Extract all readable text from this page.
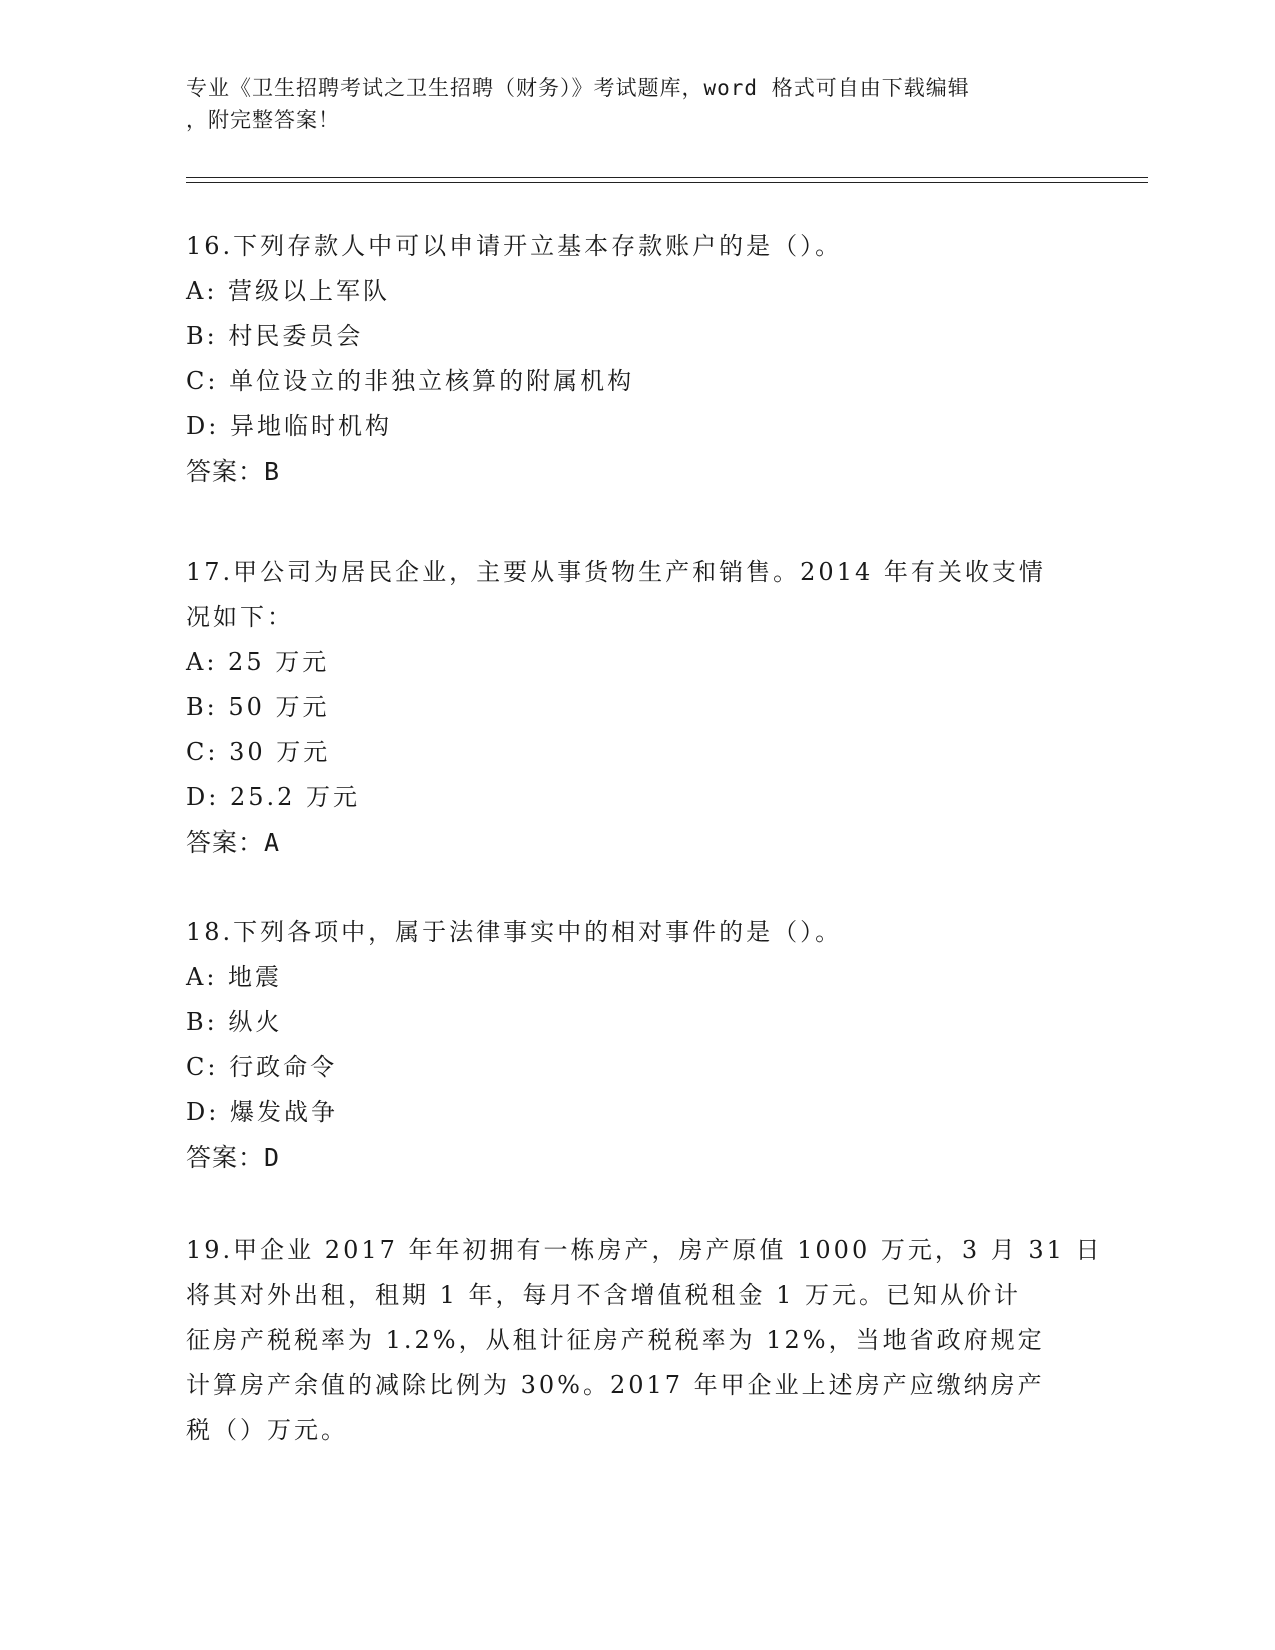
专业《卫生招聘考试之卫生招聘（财务）》考试题库，word 格式可自由下载编辑
，附完整答案！
16.下列存款人中可以申请开立基本存款账户的是（）。
A: 营级以上军队
B: 村民委员会
C: 单位设立的非独立核算的附属机构
D: 异地临时机构
答案：B
17.甲公司为居民企业，主要从事货物生产和销售。2014 年有关收支情
况如下：
A: 25 万元
B: 50 万元
C: 30 万元
D: 25.2 万元
答案：A
18.下列各项中，属于法律事实中的相对事件的是（）。
A: 地震
B: 纵火
C: 行政命令
D: 爆发战争
答案：D
19.甲企业 2017 年年初拥有一栋房产，房产原值 1000 万元，3 月 31 日
将其对外出租，租期 1 年，每月不含增值税租金 1 万元。已知从价计
征房产税税率为 1.2%，从租计征房产税税率为 12%，当地省政府规定
计算房产余值的减除比例为 30%。2017 年甲企业上述房产应缴纳房产
税（）万元。
